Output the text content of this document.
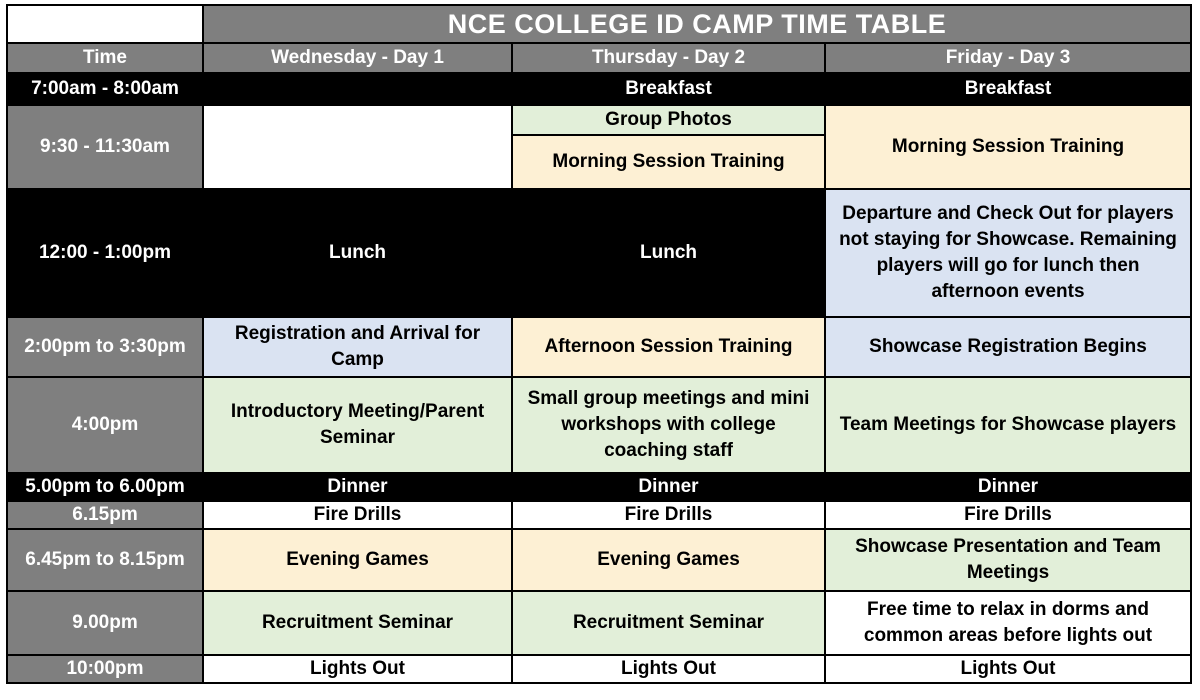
	NCE COLLEGE ID CAMP TIME TABLE		
Time	Wednesday - Day 1	Thursday - Day 2	Friday - Day 3
7:00am - 8:00am		Breakfast	Breakfast
9:30 - 11:30am		Group Photos	Morning Session Training
		Morning Session Training	
12:00 - 1:00pm	Lunch	Lunch	Departure and Check Out for players not staying for Showcase. Remaining players will go for lunch then afternoon events
2:00pm to 3:30pm	Registration and Arrival for Camp	Afternoon Session Training	Showcase Registration Begins
4:00pm	Introductory Meeting/Parent Seminar	Small group meetings and mini workshops with college coaching staff	Team Meetings for Showcase players
5.00pm to 6.00pm	Dinner	Dinner	Dinner
6.15pm	Fire Drills	Fire Drills	Fire Drills
6.45pm to 8.15pm	Evening Games	Evening Games	Showcase Presentation and Team Meetings
9.00pm	Recruitment Seminar	Recruitment Seminar	Free time to relax in dorms and common areas before lights out
10:00pm	Lights Out	Lights Out	Lights Out
